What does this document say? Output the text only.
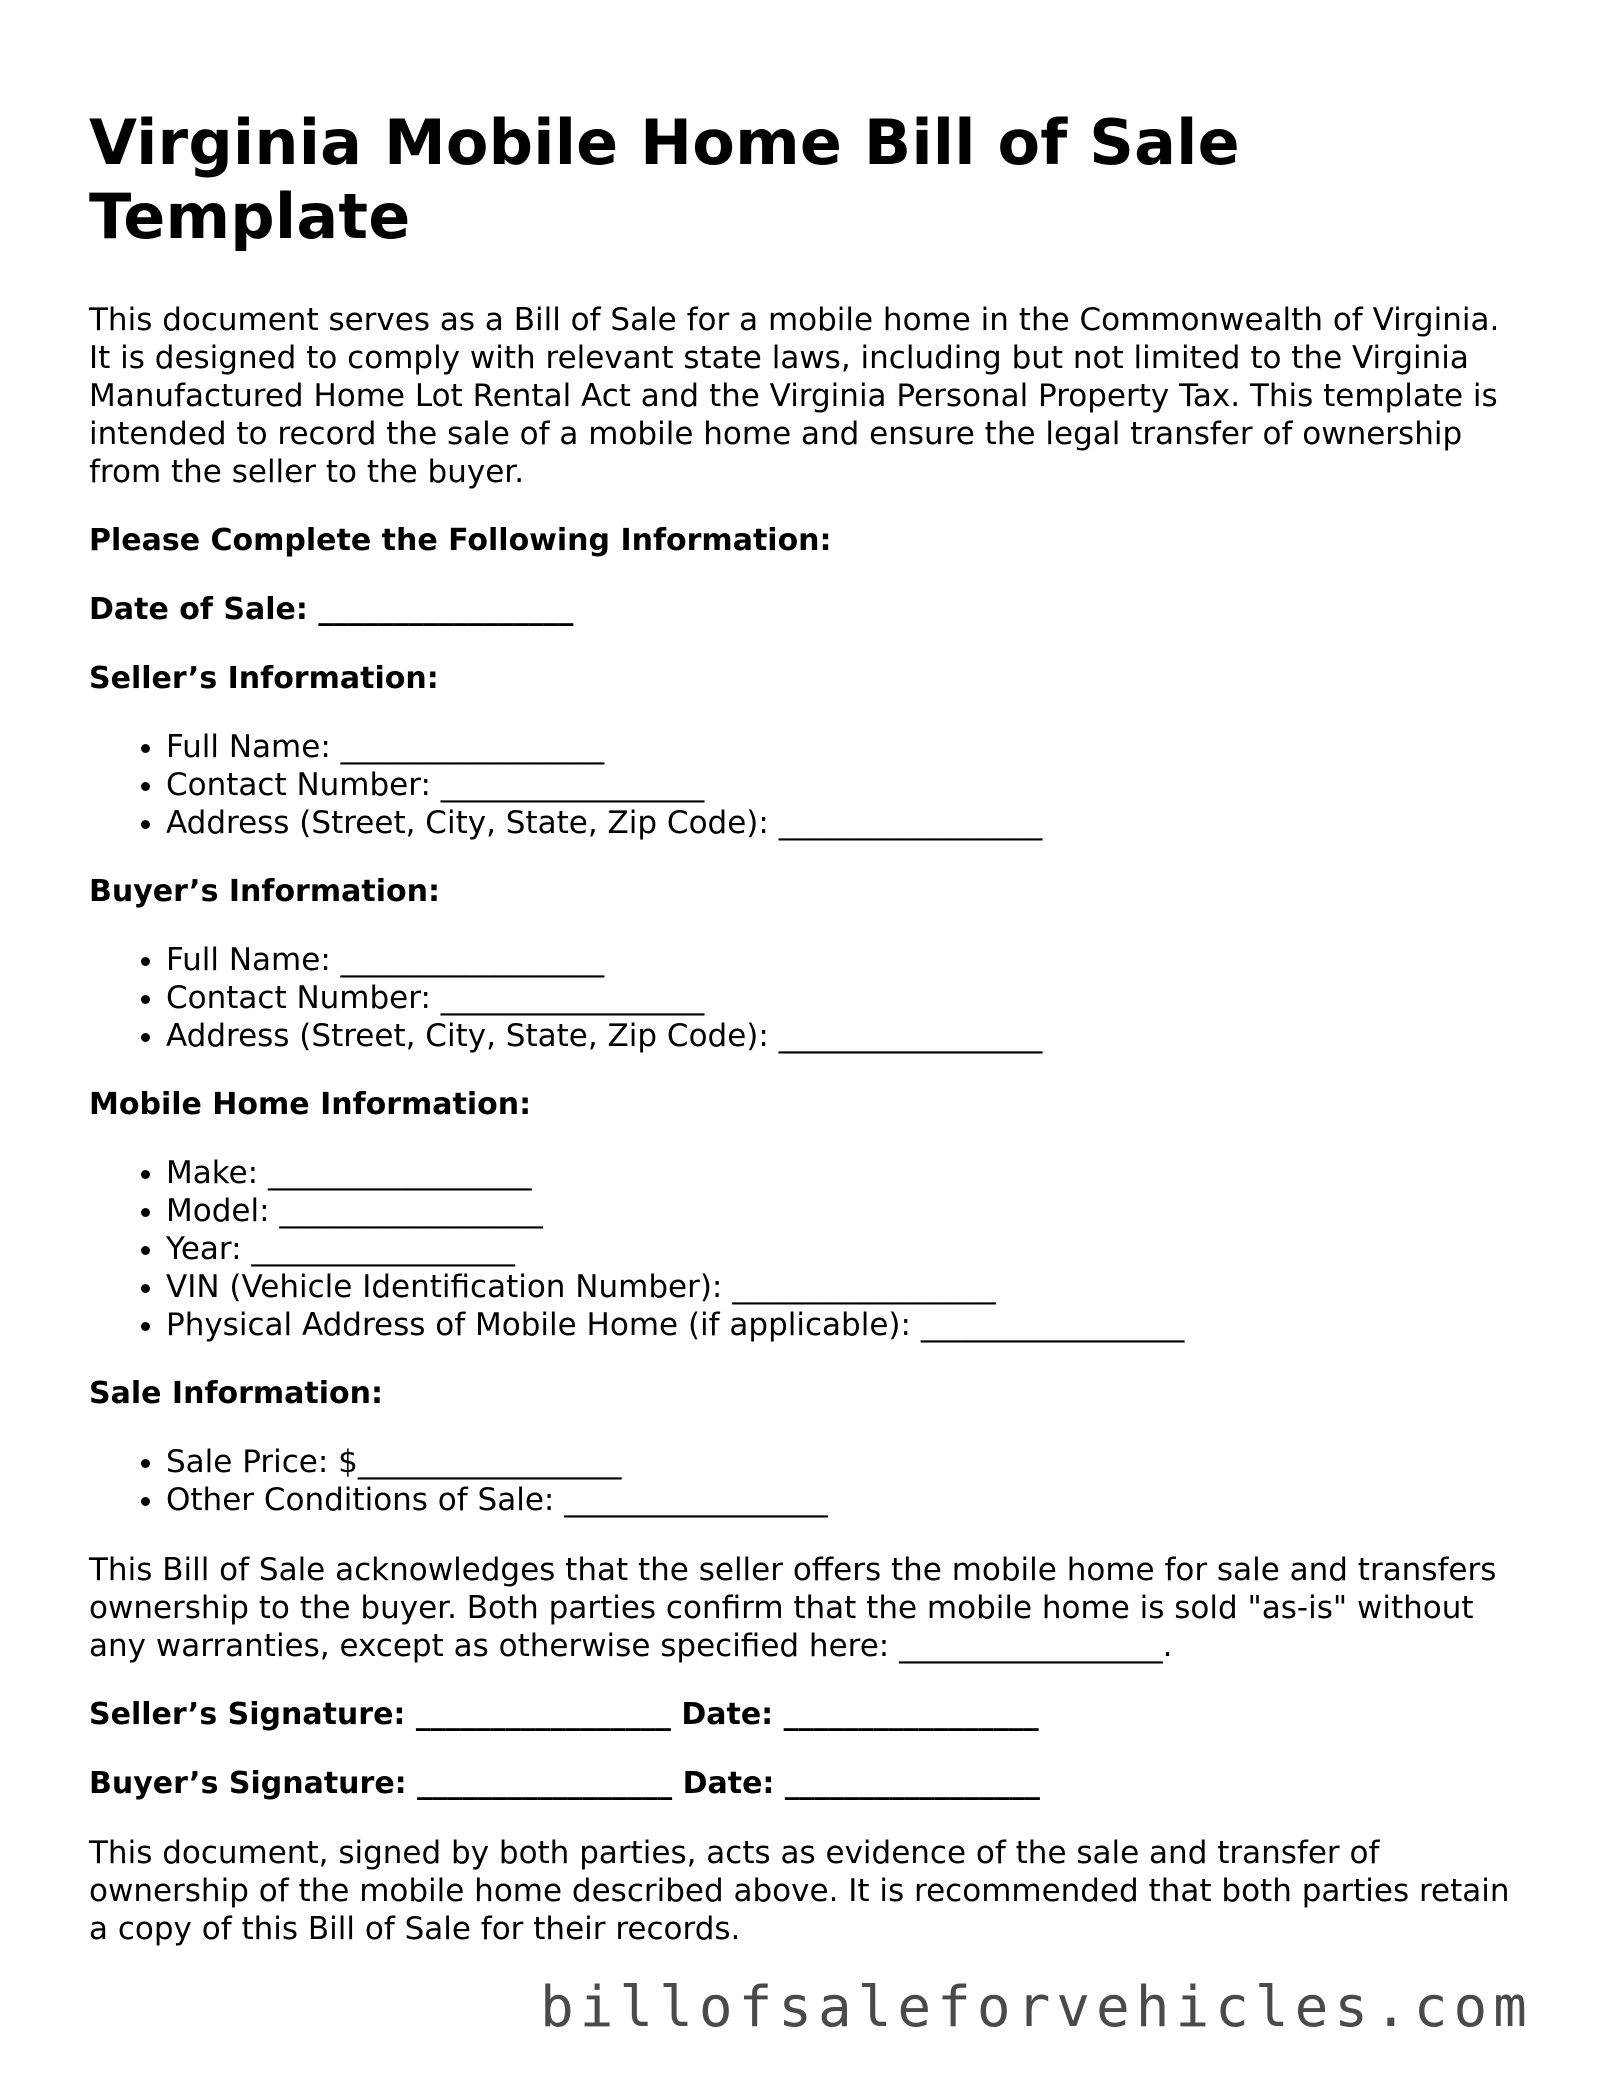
Virginia Mobile Home Bill of Sale Template

This document serves as a Bill of Sale for a mobile home in the Commonwealth of Virginia. It is designed to comply with relevant state laws, including but not limited to the Virginia Manufactured Home Lot Rental Act and the Virginia Personal Property Tax. This template is intended to record the sale of a mobile home and ensure the legal transfer of ownership from the seller to the buyer.

Please Complete the Following Information:

Date of Sale: _________________

Seller’s Information:

• Full Name: _________________
• Contact Number: _________________
• Address (Street, City, State, Zip Code): _________________

Buyer’s Information:

• Full Name: _________________
• Contact Number: _________________
• Address (Street, City, State, Zip Code): _________________

Mobile Home Information:

• Make: _________________
• Model: _________________
• Year: _________________
• VIN (Vehicle Identification Number): _________________
• Physical Address of Mobile Home (if applicable): _________________

Sale Information:

• Sale Price: $_________________
• Other Conditions of Sale: _________________

This Bill of Sale acknowledges that the seller offers the mobile home for sale and transfers ownership to the buyer. Both parties confirm that the mobile home is sold "as-is" without any warranties, except as otherwise specified here: _________________.

Seller’s Signature: _________________ Date: _________________

Buyer’s Signature: _________________ Date: _________________

This document, signed by both parties, acts as evidence of the sale and transfer of ownership of the mobile home described above. It is recommended that both parties retain a copy of this Bill of Sale for their records.

billofsaleforvehicles.com
